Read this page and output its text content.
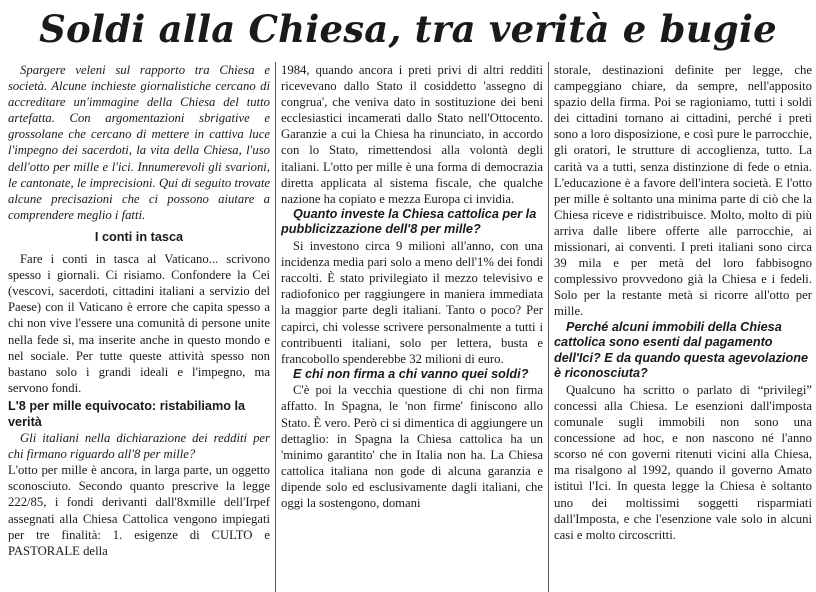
Soldi alla Chiesa, tra verità e bugie

Spargere veleni sul rapporto tra Chiesa e società. Alcune inchieste giornalistiche cercano di accreditare un'immagine della Chiesa del tutto artefatta. Con argomentazioni sbrigative e grossolane che cercano di mettere in cattiva luce l'impegno dei sacerdoti, la vita della Chiesa, l'uso dell'otto per mille e l'ici. Innumerevoli gli svarioni, le cantonate, le imprecisioni. Qui di seguito trovate alcune precisazioni che ci possono aiutare a comprendere meglio i fatti.

I conti in tasca

Fare i conti in tasca al Vaticano... scrivono spesso i giornali. Ci risiamo. Confondere la Cei (vescovi, sacerdoti, cittadini italiani a servizio del Paese) con il Vaticano è errore che capita spesso a chi non vive l'essere una comunità di persone unite nella fede sì, ma inserite anche in questo mondo e nel sociale. Per tutte queste attività spesso non bastano solo i grandi ideali e l'impegno, ma servono fondi.

L'8 per mille equivocato: ristabiliamo la verità

Gli italiani nella dichiarazione dei redditi per chi firmano riguardo all'8 per mille?

L'otto per mille è ancora, in larga parte, un oggetto sconosciuto. Secondo quanto prescrive la legge 222/85, i fondi derivanti dall'8xmille dell'Irpef assegnati alla Chiesa Cattolica vengono impiegati per tre finalità: 1. esigenze di CULTO e PASTORALE della

1984, quando ancora i preti privi di altri redditi ricevevano dallo Stato il cosiddetto 'assegno di congrua', che veniva dato in sostituzione dei beni ecclesiastici incamerati dallo Stato nell'Ottocento. Garanzie a cui la Chiesa ha rinunciato, in accordo con lo Stato, rimettendosi alla volontà degli italiani. L'otto per mille è una forma di democrazia diretta applicata al sistema fiscale, che qualche nazione ha copiato e mezza Europa ci invidia.

Quanto investe la Chiesa cattolica per la pubblicizzazione dell'8 per mille?

Si investono circa 9 milioni all'anno, con una incidenza media pari solo a meno dell'1% dei fondi raccolti. È stato privilegiato il mezzo televisivo e radiofonico per raggiungere in maniera immediata la maggior parte degli italiani. Tanto o poco? Per capirci, chi volesse scrivere personalmente a tutti i contribuenti italiani, solo per lettera, busta e francobollo spenderebbe 32 milioni di euro.

E chi non firma a chi vanno quei soldi?

C'è poi la vecchia questione di chi non firma affatto. In Spagna, le 'non firme' finiscono allo Stato. È vero. Però ci si dimentica di aggiungere un dettaglio: in Spagna la Chiesa cattolica ha un 'minimo garantito' che in Italia non ha. La Chiesa cattolica italiana non gode di alcuna garanzia e dipende solo ed esclusivamente dagli italiani, che oggi la sostengono, domani

storale, destinazioni definite per legge, che campeggiano chiare, da sempre, nell'apposito spazio della firma. Poi se ragioniamo, tutti i soldi dei cittadini tornano ai cittadini, perché i preti sono a loro disposizione, e così pure le parrocchie, gli oratori, le strutture di accoglienza, tutto. La carità va a tutti, senza distinzione di fede o etnia. L'educazione è a favore dell'intera società. E l'otto per mille è soltanto una minima parte di ciò che la Chiesa riceve e ridistribuisce. Molto, molto di più arriva dalle libere offerte alle parrocchie, ai missionari, ai conventi. I preti italiani sono circa 39 mila e per metà del loro fabbisogno complessivo provvedono già la Chiesa e i fedeli. Solo per la restante metà si ricorre all'otto per mille.

Perché alcuni immobili della Chiesa cattolica sono esenti dal pagamento dell'Ici? E da quando questa agevolazione è riconosciuta?

Qualcuno ha scritto o parlato di “privilegi” concessi alla Chiesa. Le esenzioni dall'imposta comunale sugli immobili non sono una concessione ad hoc, e non nascono né l'anno scorso né con governi ritenuti vicini alla Chiesa, ma risalgono al 1992, quando il governo Amato istituì l'Ici. In questa legge la Chiesa è soltanto uno dei moltissimi soggetti risparmiati dall'Imposta, e che l'esenzione vale solo in alcuni casi e molto circoscritti.
